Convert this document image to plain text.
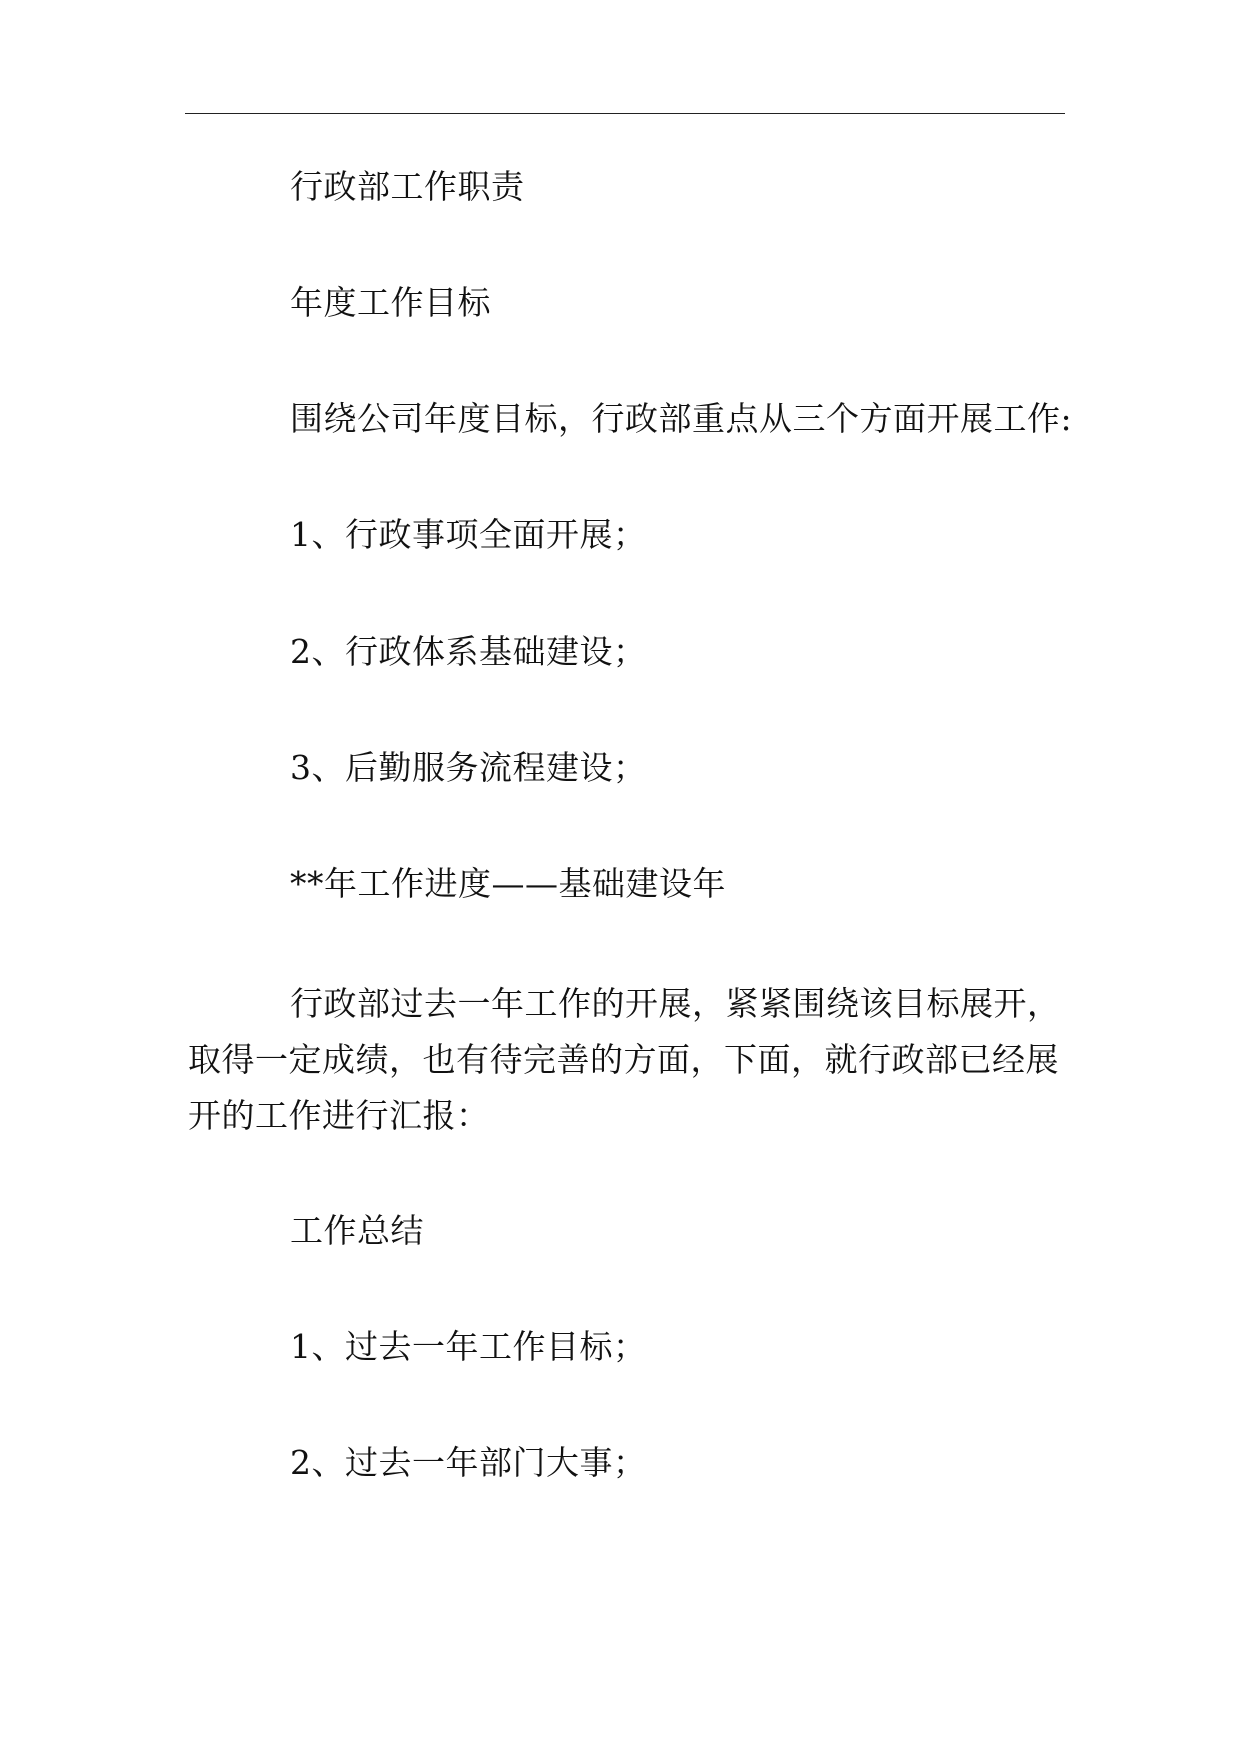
行政部工作职责
年度工作目标
围绕公司年度目标，行政部重点从三个方面开展工作:
1、行政事项全面开展；
2、行政体系基础建设；
3、后勤服务流程建设；
**年工作进度——基础建设年
行政部过去一年工作的开展，紧紧围绕该目标展开，
取得一定成绩，也有待完善的方面，下面，就行政部已经展
开的工作进行汇报：
工作总结
1、过去一年工作目标；
2、过去一年部门大事；
